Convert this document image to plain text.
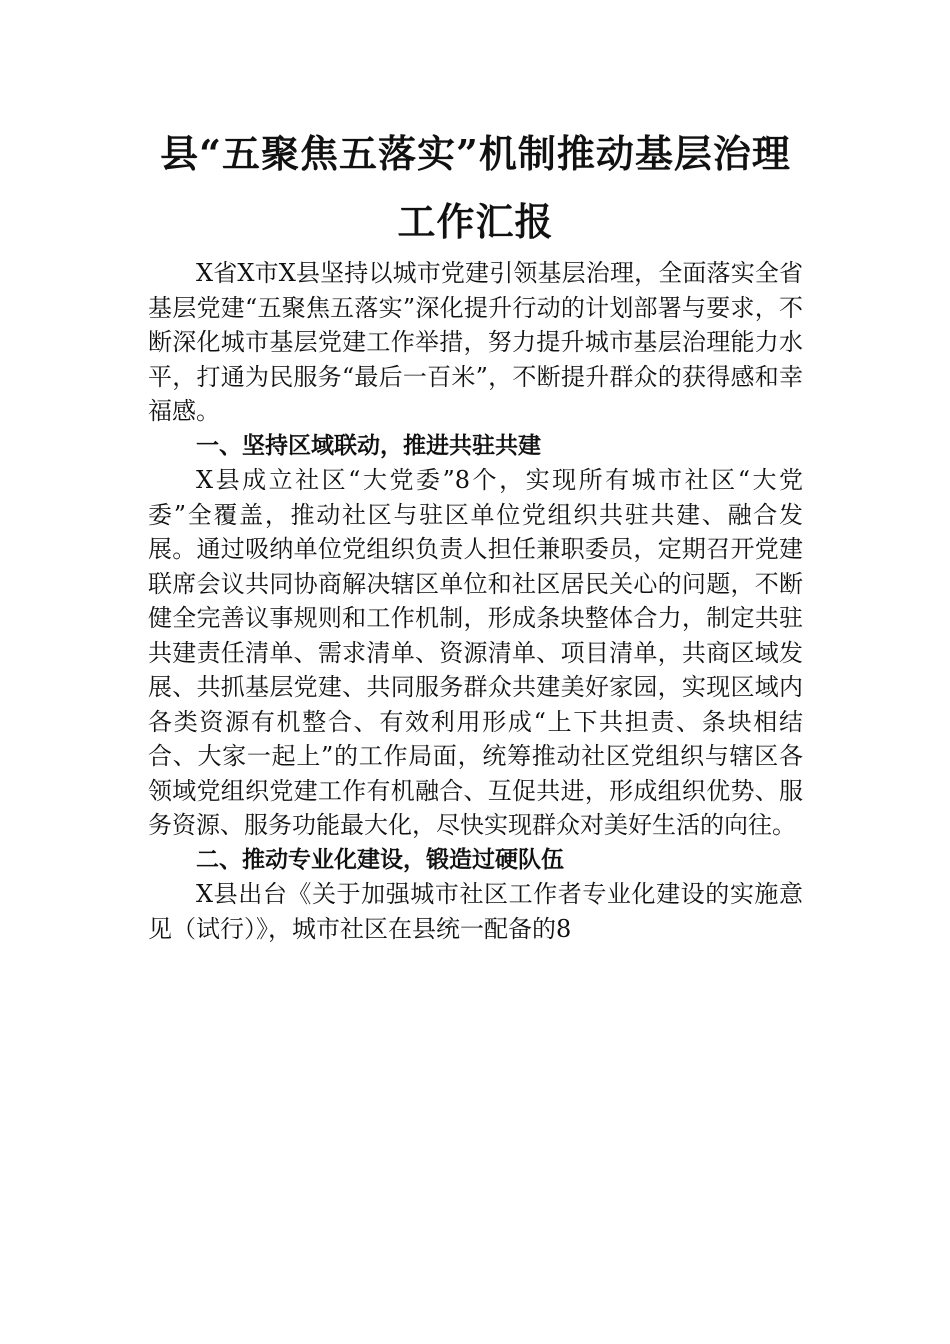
县“五聚焦五落实”机制推动基层治理工作汇报

X省X市X县坚持以城市党建引领基层治理，全面落实全省基层党建“五聚焦五落实”深化提升行动的计划部署与要求，不断深化城市基层党建工作举措，努力提升城市基层治理能力水平，打通为民服务“最后一百米”，不断提升群众的获得感和幸福感。

一、坚持区域联动，推进共驻共建

X县成立社区“大党委”8个，实现所有城市社区“大党委”全覆盖，推动社区与驻区单位党组织共驻共建、融合发展。通过吸纳单位党组织负责人担任兼职委员，定期召开党建联席会议共同协商解决辖区单位和社区居民关心的问题，不断健全完善议事规则和工作机制，形成条块整体合力，制定共驻共建责任清单、需求清单、资源清单、项目清单，共商区域发展、共抓基层党建、共同服务群众共建美好家园，实现区域内各类资源有机整合、有效利用形成“上下共担责、条块相结合、大家一起上”的工作局面，统筹推动社区党组织与辖区各领域党组织党建工作有机融合、互促共进，形成组织优势、服务资源、服务功能最大化，尽快实现群众对美好生活的向往。

二、推动专业化建设，锻造过硬队伍

X县出台《关于加强城市社区工作者专业化建设的实施意见（试行）》，城市社区在县统一配备的8
